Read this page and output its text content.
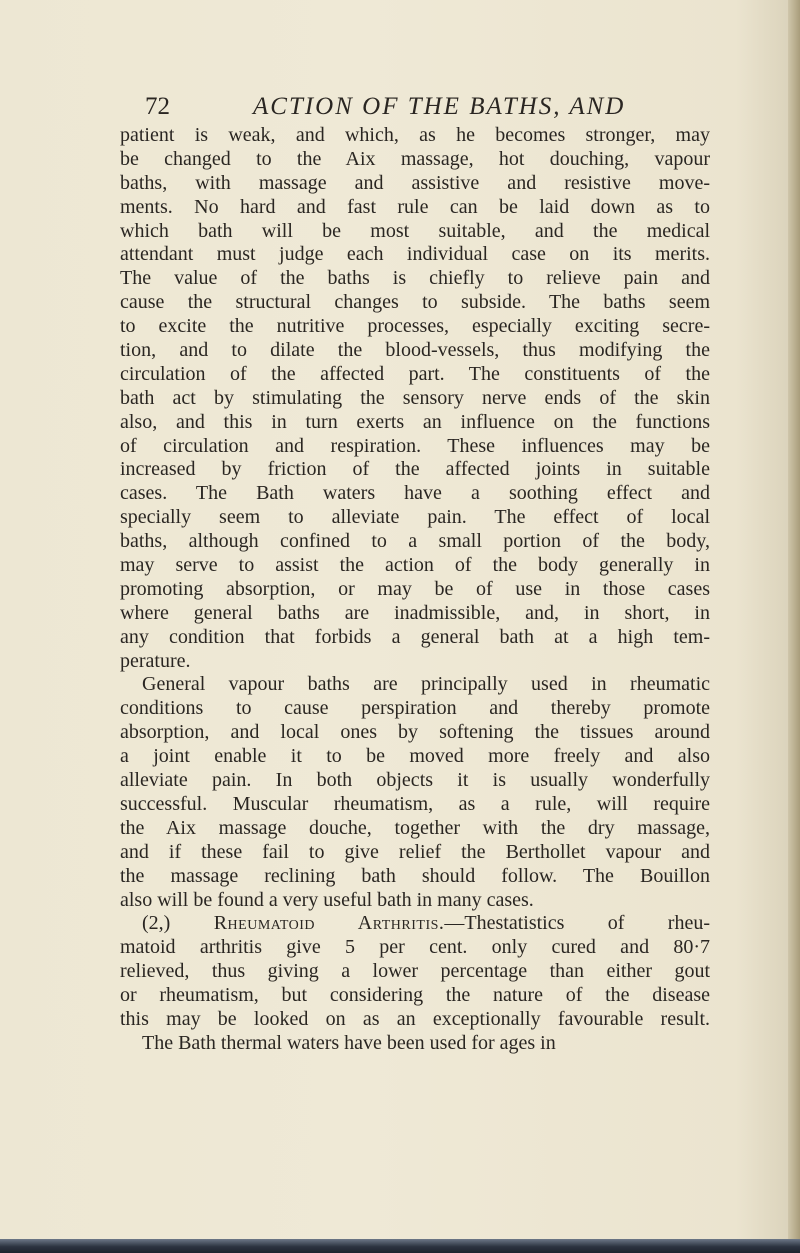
72	ACTION OF THE BATHS, AND
patient is weak, and which, as he becomes stronger, may
be changed to the Aix massage, hot douching, vapour
baths, with massage and assistive and resistive move-
ments. No hard and fast rule can be laid down as to
which bath will be most suitable, and the medical
attendant must judge each individual case on its merits.
The value of the baths is chiefly to relieve pain and
cause the structural changes to subside. The baths seem
to excite the nutritive processes, especially exciting secre-
tion, and to dilate the blood-vessels, thus modifying the
circulation of the affected part. The constituents of the
bath act by stimulating the sensory nerve ends of the skin
also, and this in turn exerts an influence on the functions
of circulation and respiration. These influences may be
increased by friction of the affected joints in suitable
cases. The Bath waters have a soothing effect and
specially seem to alleviate pain. The effect of local
baths, although confined to a small portion of the body,
may serve to assist the action of the body generally in
promoting absorption, or may be of use in those cases
where general baths are inadmissible, and, in short, in
any condition that forbids a general bath at a high tem-
perature.
General vapour baths are principally used in rheumatic
conditions to cause perspiration and thereby promote
absorption, and local ones by softening the tissues around
a joint enable it to be moved more freely and also
alleviate pain. In both objects it is usually wonderfully
successful. Muscular rheumatism, as a rule, will require
the Aix massage douche, together with the dry massage,
and if these fail to give relief the Berthollet vapour and
the massage reclining bath should follow. The Bouillon
also will be found a very useful bath in many cases.
(2,) Rheumatoid Arthritis.—Thestatistics of rheu-
matoid arthritis give 5 per cent. only cured and 80·7
relieved, thus giving a lower percentage than either gout
or rheumatism, but considering the nature of the disease
this may be looked on as an exceptionally favourable result.
The Bath thermal waters have been used for ages in
